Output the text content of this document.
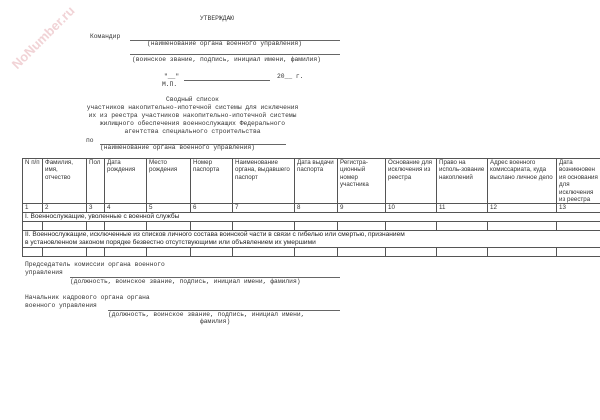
NoNumber.ru	УТВЕРЖДАЮ
Командир
(наименование органа военного управления)
(воинское звание, подпись, инициал имени, фамилия)
"__"	20__ г.
М.П.
Сводный список
участников накопительно-ипотечной системы для исключения
их из реестра участников накопительно-ипотечной системы
жилищного обеспечения военнослужащих Федерального
агентства специального строительства
по
(наименование органа военного управления)
N п/п	Фамилия, имя, отчество	Пол	Дата рождения	Место рождения	Номер паспорта	Наименование органа, выдавшего паспорт	Дата выдачи паспорта	Регистра-ционный номер участника	Основание для исключения из реестра	Право на исполь-зование накоплений	Адрес военного комиссариата, куда выслано личное дело	Дата возникновения основания для исключения из реестра
1	2	3	4	5	6	7	8	9	10	11	12	13

I. Военнослужащие, уволенные с военной службы												

II. Военнослужащие, исключенные из списков личного состава воинской части в связи с гибелью или смертью, признанием
в установленном законом порядке безвестно отсутствующими или объявлением их умершими												

Председатель комиссии органа военного
управления
(должность, воинское звание, подпись, инициал имени, фамилия)
Начальник кадрового органа органа
военного управления
(должность, воинское звание, подпись, инициал имени,
фамилия)
